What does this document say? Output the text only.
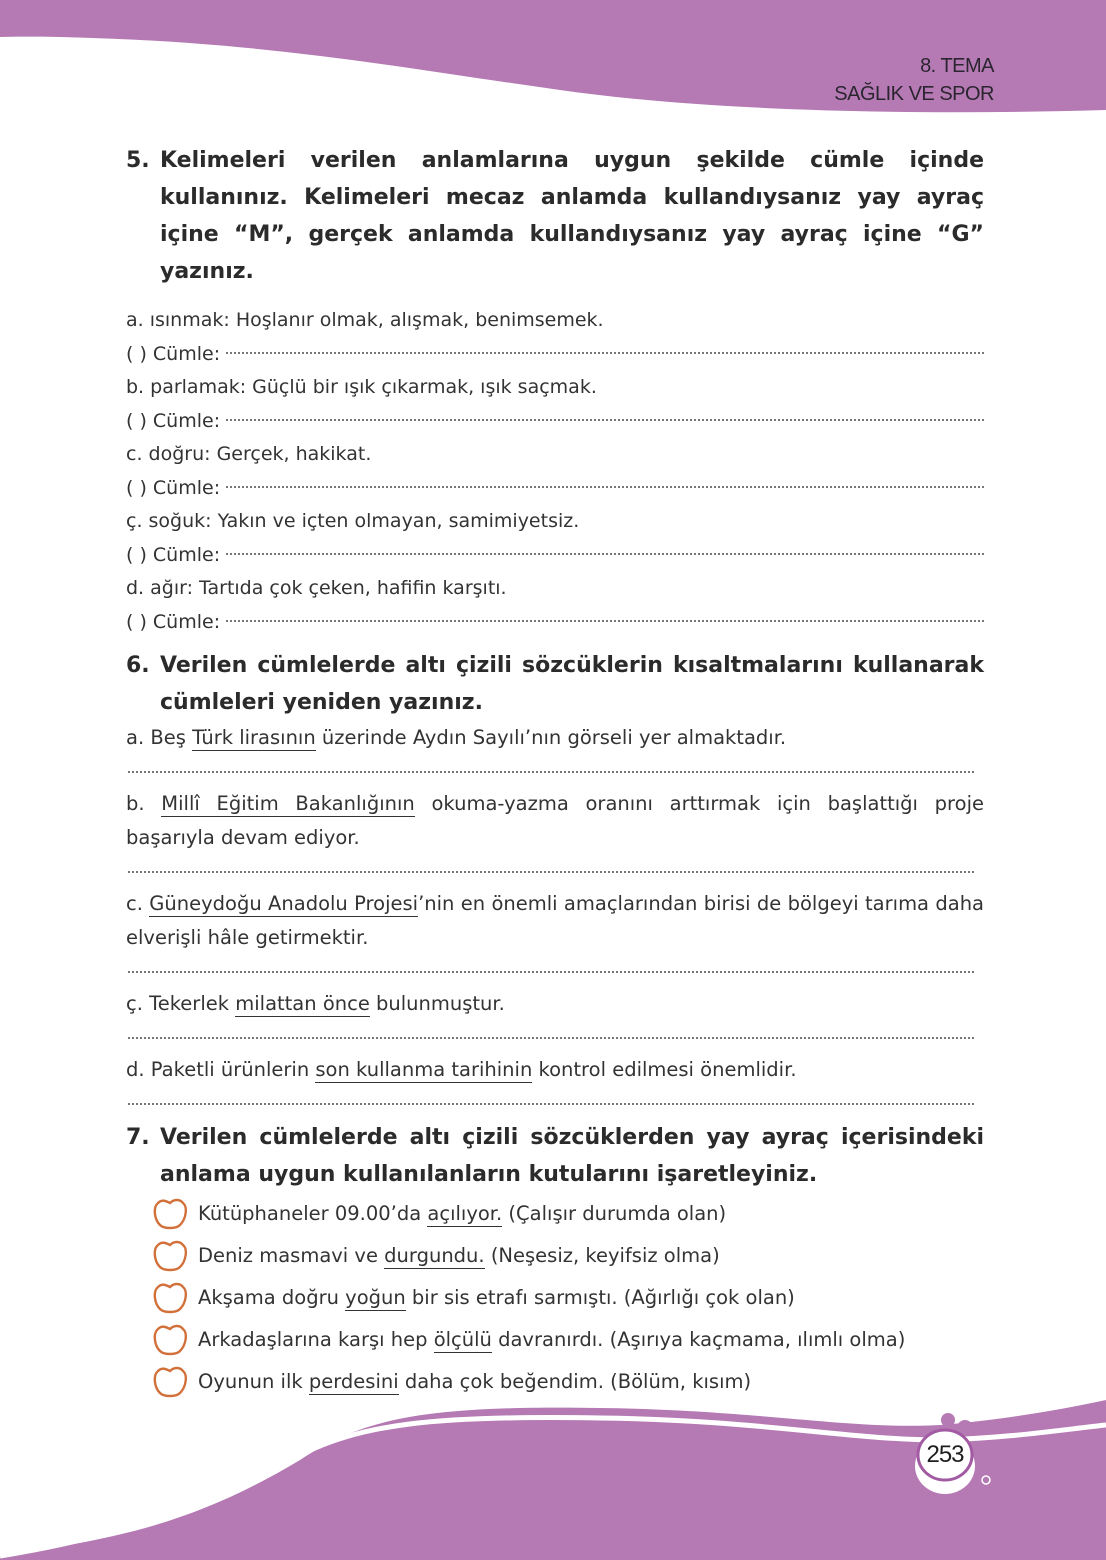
8. TEMA
SAĞLIK VE SPOR
5. Kelimeleri verilen anlamlarına uygun şekilde cümle içinde kullanınız. Kelimeleri mecaz anlamda kullandıysanız yay ayraç içine “M”, gerçek anlamda kullandıysanız yay ayraç içine “G” yazınız.
a. ısınmak: Hoşlanır olmak, alışmak, benimsemek.
( ) Cümle:
b. parlamak: Güçlü bir ışık çıkarmak, ışık saçmak.
( ) Cümle:
c. doğru: Gerçek, hakikat.
( ) Cümle:
ç. soğuk: Yakın ve içten olmayan, samimiyetsiz.
( ) Cümle:
d. ağır: Tartıda çok çeken, hafifin karşıtı.
( ) Cümle:
6. Verilen cümlelerde altı çizili sözcüklerin kısaltmalarını kullanarak cümleleri yeniden yazınız.
a. Beş Türk lirasının üzerinde Aydın Sayılı’nın görseli yer almaktadır.
b. Millî Eğitim Bakanlığının okuma-yazma oranını arttırmak için başlattığı proje başarıyla devam ediyor.
c. Güneydoğu Anadolu Projesi’nin en önemli amaçlarından birisi de bölgeyi tarıma daha elverişli hâle getirmektir.
ç. Tekerlek milattan önce bulunmuştur.
d. Paketli ürünlerin son kullanma tarihinin kontrol edilmesi önemlidir.
7. Verilen cümlelerde altı çizili sözcüklerden yay ayraç içerisindeki anlama uygun kullanılanların kutularını işaretleyiniz.
Kütüphaneler 09.00’da açılıyor. (Çalışır durumda olan)
Deniz masmavi ve durgundu. (Neşesiz, keyifsiz olma)
Akşama doğru yoğun bir sis etrafı sarmıştı. (Ağırlığı çok olan)
Arkadaşlarına karşı hep ölçülü davranırdı. (Aşırıya kaçmama, ılımlı olma)
Oyunun ilk perdesini daha çok beğendim. (Bölüm, kısım)
253
